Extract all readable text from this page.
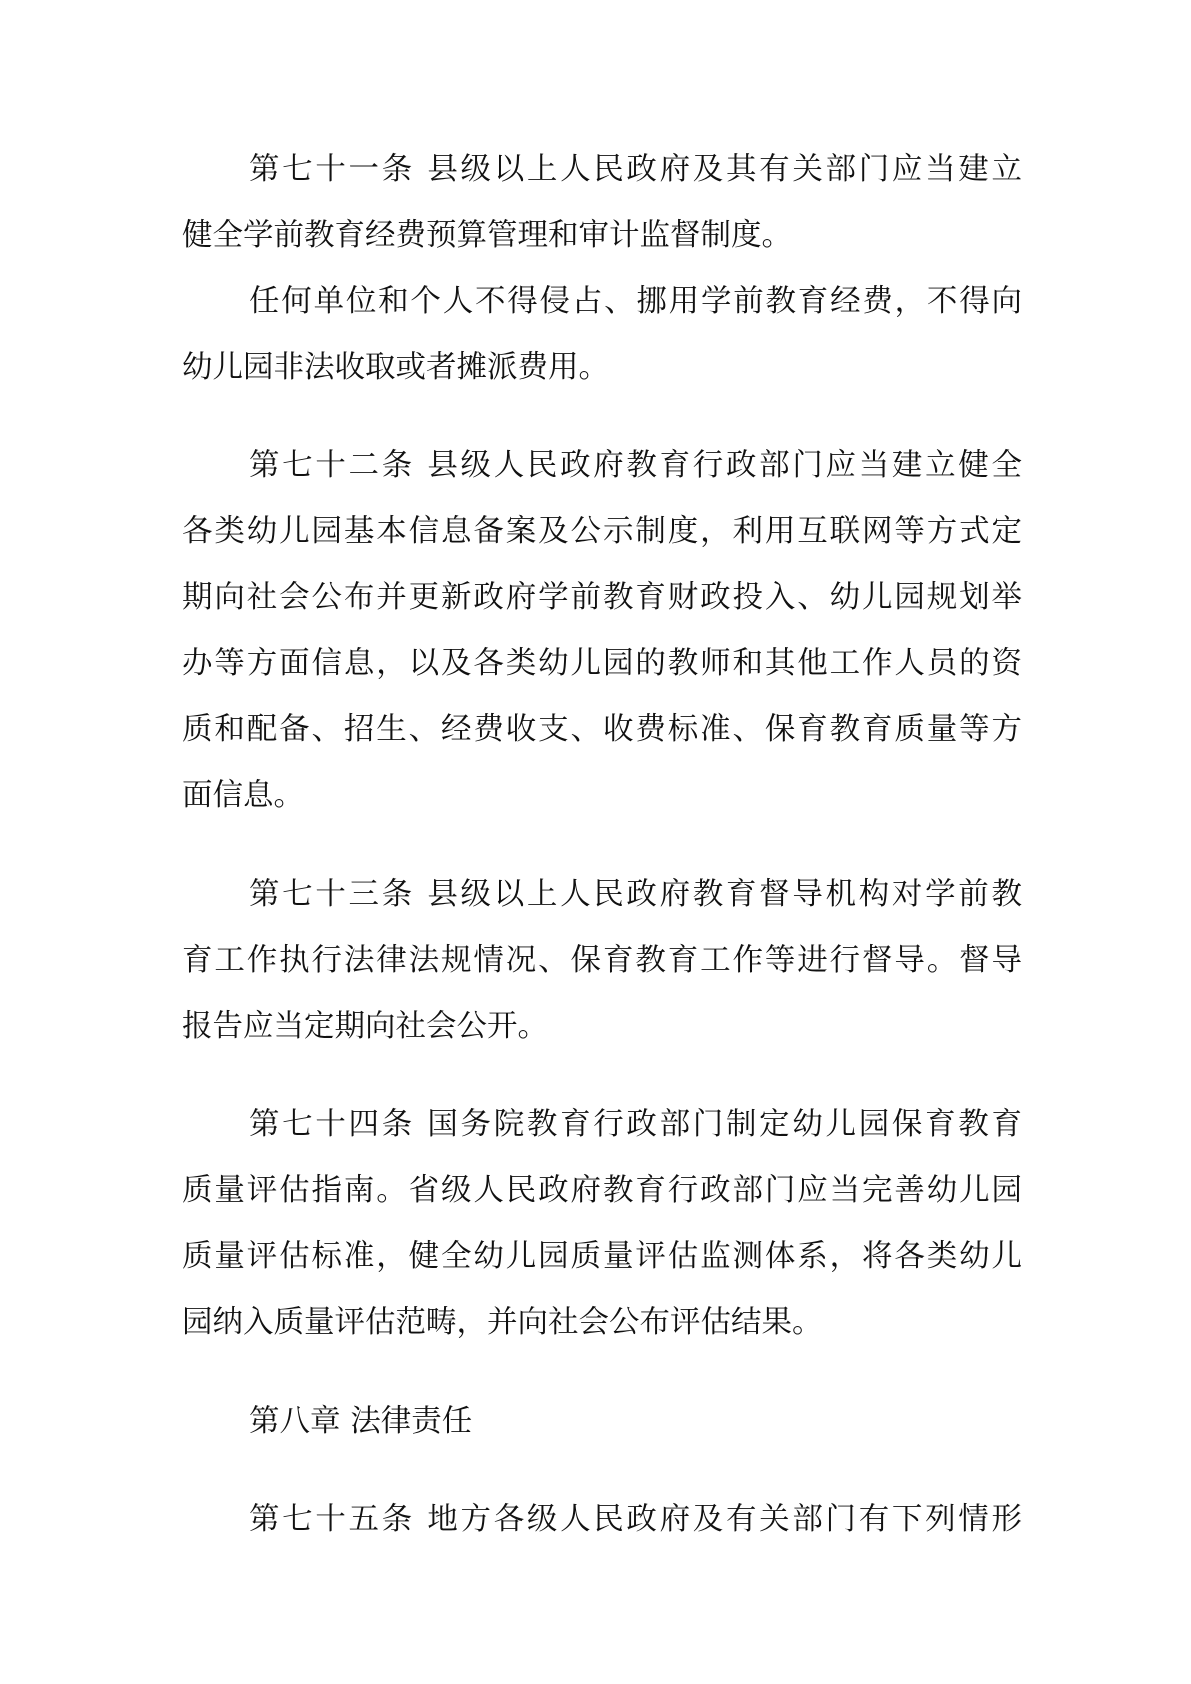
第七十一条 县级以上人民政府及其有关部门应当建立
健全学前教育经费预算管理和审计监督制度。
任何单位和个人不得侵占、挪用学前教育经费，不得向
幼儿园非法收取或者摊派费用。
第七十二条 县级人民政府教育行政部门应当建立健全
各类幼儿园基本信息备案及公示制度，利用互联网等方式定
期向社会公布并更新政府学前教育财政投入、幼儿园规划举
办等方面信息，以及各类幼儿园的教师和其他工作人员的资
质和配备、招生、经费收支、收费标准、保育教育质量等方
面信息。
第七十三条 县级以上人民政府教育督导机构对学前教
育工作执行法律法规情况、保育教育工作等进行督导。督导
报告应当定期向社会公开。
第七十四条 国务院教育行政部门制定幼儿园保育教育
质量评估指南。省级人民政府教育行政部门应当完善幼儿园
质量评估标准，健全幼儿园质量评估监测体系，将各类幼儿
园纳入质量评估范畴，并向社会公布评估结果。
第八章 法律责任
第七十五条 地方各级人民政府及有关部门有下列情形
